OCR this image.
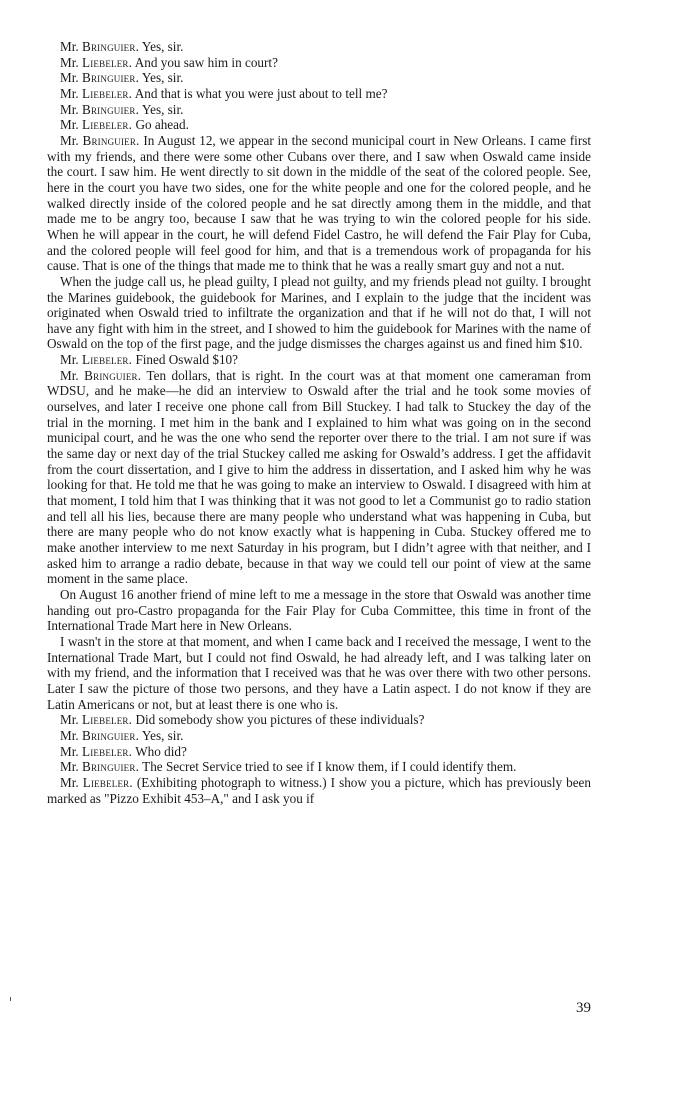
Mr. Bringuier. Yes, sir.

Mr. Liebeler. And you saw him in court?

Mr. Bringuier. Yes, sir.

Mr. Liebeler. And that is what you were just about to tell me?

Mr. Bringuier. Yes, sir.

Mr. Liebeler. Go ahead.

Mr. Bringuier. In August 12, we appear in the second municipal court in New Orleans. I came first with my friends, and there were some other Cubans over there, and I saw when Oswald came inside the court. I saw him. He went directly to sit down in the middle of the seat of the colored people. See, here in the court you have two sides, one for the white people and one for the colored people, and he walked directly inside of the colored people and he sat directly among them in the middle, and that made me to be angry too, because I saw that he was trying to win the colored people for his side. When he will appear in the court, he will defend Fidel Castro, he will defend the Fair Play for Cuba, and the colored people will feel good for him, and that is a tremendous work of propaganda for his cause. That is one of the things that made me to think that he was a really smart guy and not a nut.

When the judge call us, he plead guilty, I plead not guilty, and my friends plead not guilty. I brought the Marines guidebook, the guidebook for Marines, and I explain to the judge that the incident was originated when Oswald tried to infiltrate the organization and that if he will not do that, I will not have any fight with him in the street, and I showed to him the guidebook for Marines with the name of Oswald on the top of the first page, and the judge dismisses the charges against us and fined him $10.

Mr. Liebeler. Fined Oswald $10?

Mr. Bringuier. Ten dollars, that is right. In the court was at that moment one cameraman from WDSU, and he make—he did an interview to Oswald after the trial and he took some movies of ourselves, and later I receive one phone call from Bill Stuckey. I had talk to Stuckey the day of the trial in the morning. I met him in the bank and I explained to him what was going on in the second municipal court, and he was the one who send the reporter over there to the trial. I am not sure if was the same day or next day of the trial Stuckey called me asking for Oswald’s address. I get the affidavit from the court dissertation, and I give to him the address in dissertation, and I asked him why he was looking for that. He told me that he was going to make an interview to Oswald. I disagreed with him at that moment, I told him that I was thinking that it was not good to let a Communist go to radio station and tell all his lies, because there are many people who understand what was happening in Cuba, but there are many people who do not know exactly what is happening in Cuba. Stuckey offered me to make another interview to me next Saturday in his program, but I didn’t agree with that neither, and I asked him to arrange a radio debate, because in that way we could tell our point of view at the same moment in the same place.

On August 16 another friend of mine left to me a message in the store that Oswald was another time handing out pro-Castro propaganda for the Fair Play for Cuba Committee, this time in front of the International Trade Mart here in New Orleans.

I wasn't in the store at that moment, and when I came back and I received the message, I went to the International Trade Mart, but I could not find Oswald, he had already left, and I was talking later on with my friend, and the information that I received was that he was over there with two other persons. Later I saw the picture of those two persons, and they have a Latin aspect. I do not know if they are Latin Americans or not, but at least there is one who is.

Mr. Liebeler. Did somebody show you pictures of these individuals?

Mr. Bringuier. Yes, sir.

Mr. Liebeler. Who did?

Mr. Bringuier. The Secret Service tried to see if I know them, if I could identify them.

Mr. Liebeler. (Exhibiting photograph to witness.) I show you a picture, which has previously been marked as "Pizzo Exhibit 453–A," and I ask you if

39
